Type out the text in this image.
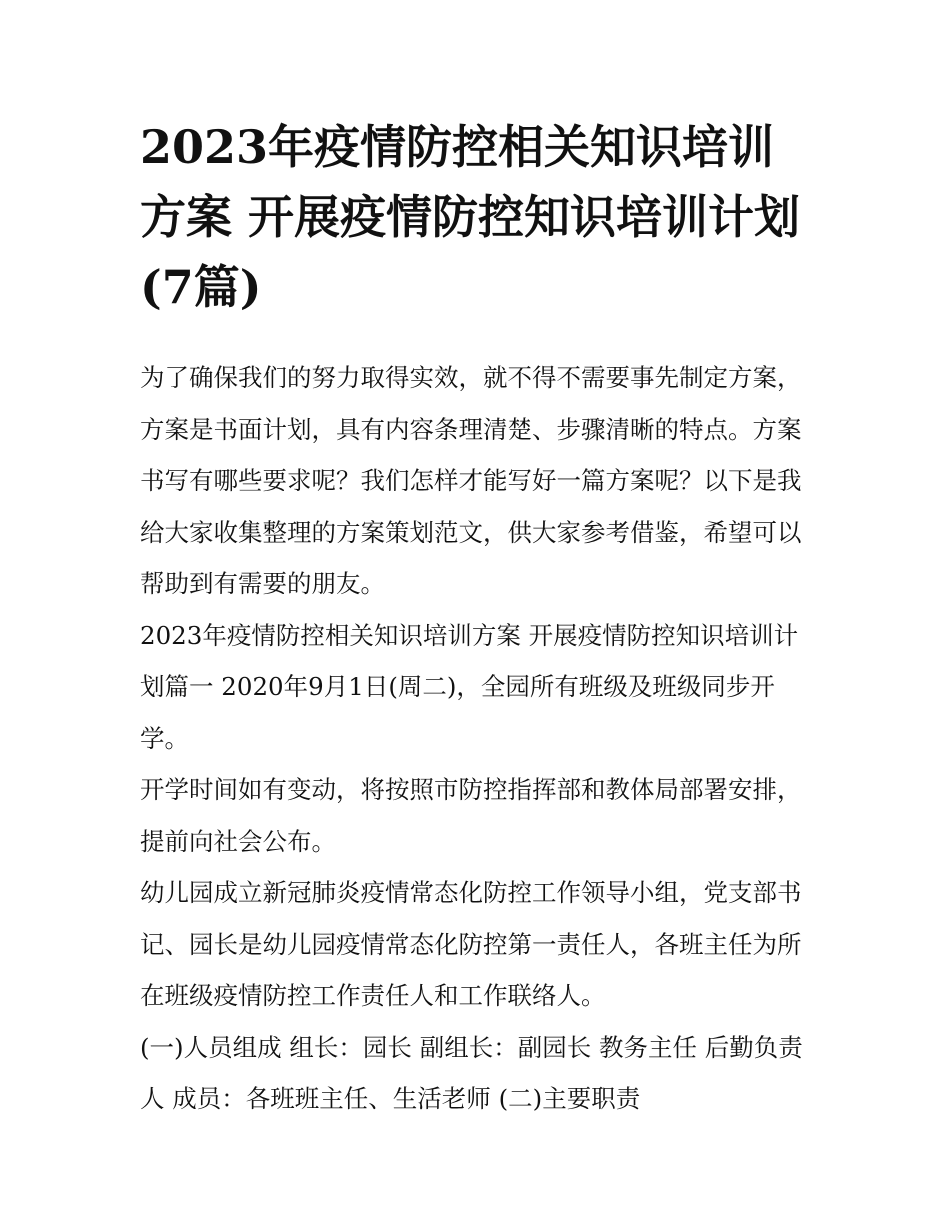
2023年疫情防控相关知识培训方案 开展疫情防控知识培训计划(7篇)

为了确保我们的努力取得实效，就不得不需要事先制定方案，方案是书面计划，具有内容条理清楚、步骤清晰的特点。方案书写有哪些要求呢？我们怎样才能写好一篇方案呢？以下是我给大家收集整理的方案策划范文，供大家参考借鉴，希望可以帮助到有需要的朋友。

2023年疫情防控相关知识培训方案 开展疫情防控知识培训计划篇一 2020年9月1日(周二)，全园所有班级及班级同步开学。

开学时间如有变动，将按照市防控指挥部和教体局部署安排，提前向社会公布。

幼儿园成立新冠肺炎疫情常态化防控工作领导小组，党支部书记、园长是幼儿园疫情常态化防控第一责任人，各班主任为所在班级疫情防控工作责任人和工作联络人。

(一)人员组成 组长：园长 副组长：副园长 教务主任 后勤负责人 成员：各班班主任、生活老师 (二)主要职责
